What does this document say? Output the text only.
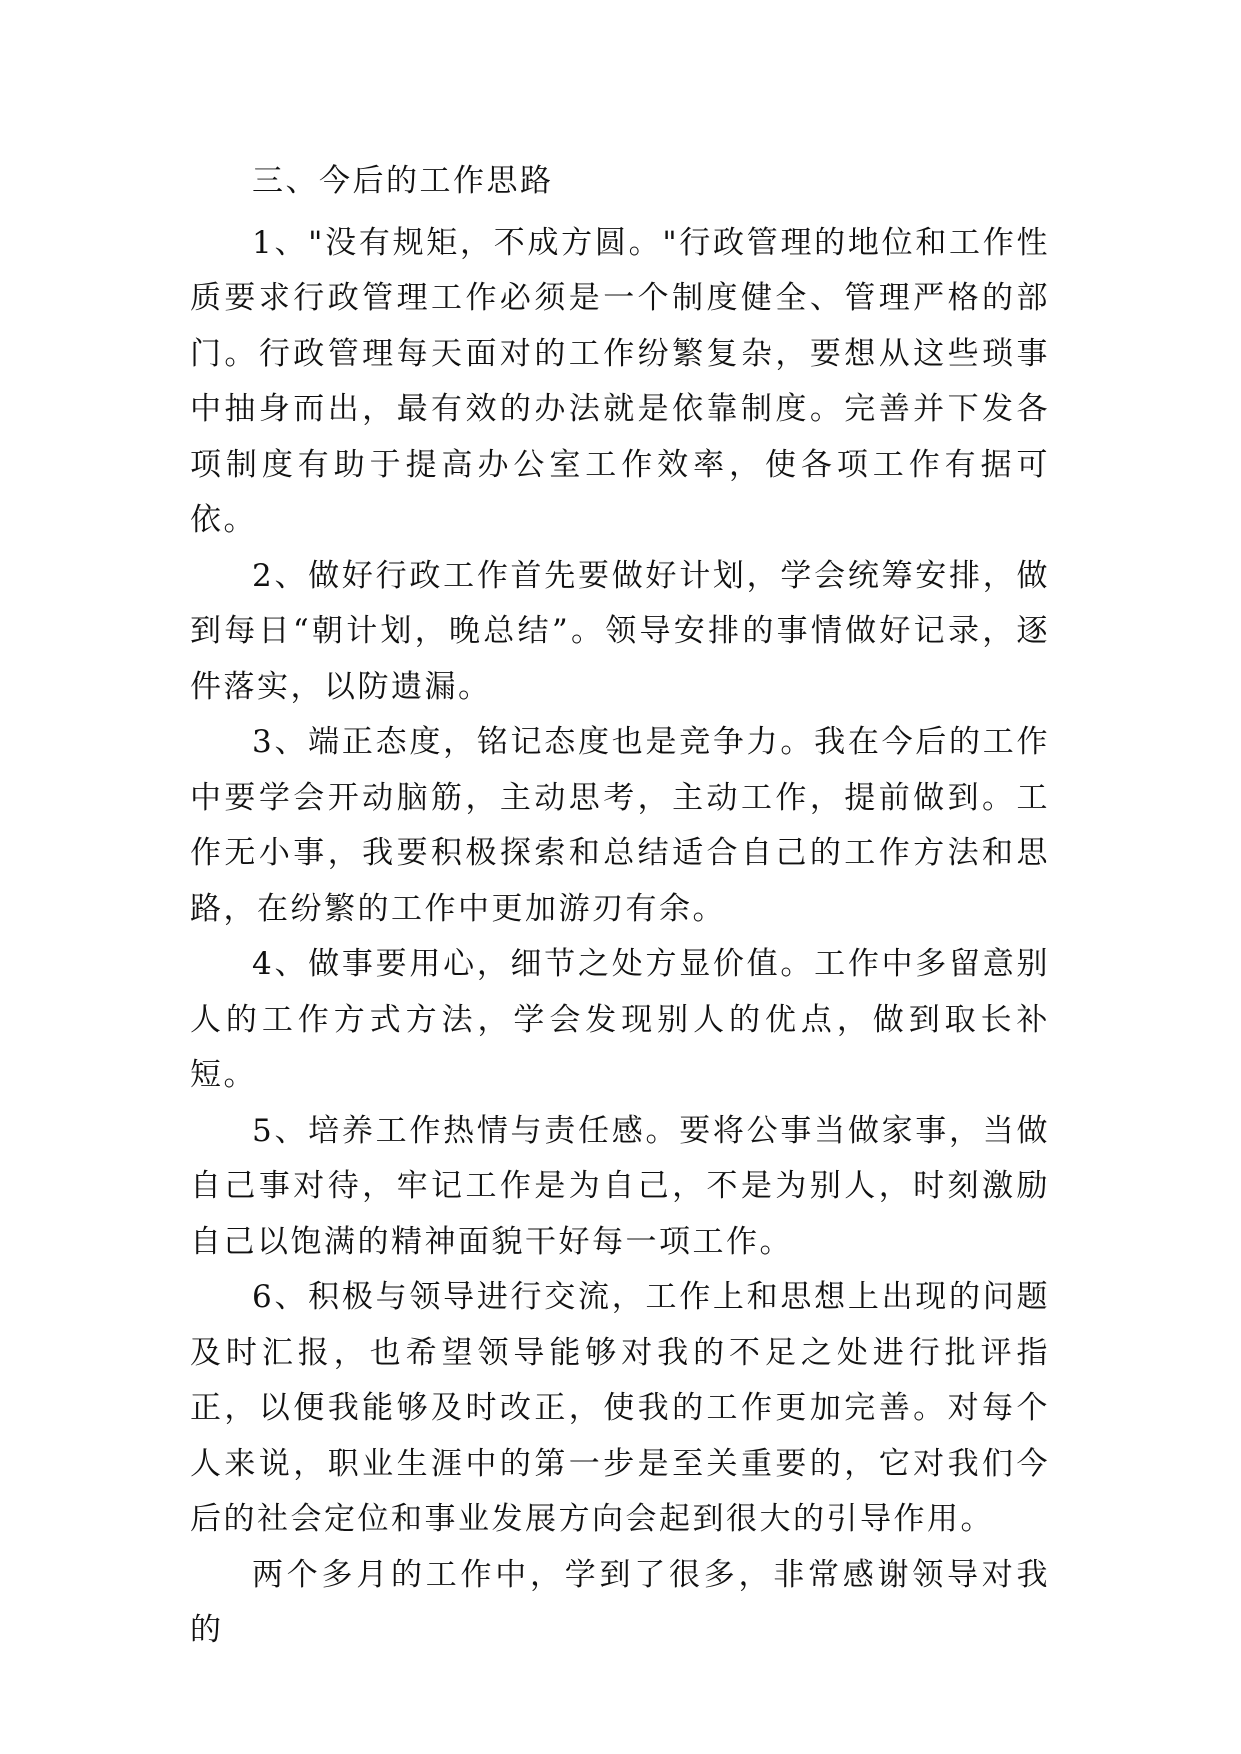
三、今后的工作思路

1、"没有规矩，不成方圆。"行政管理的地位和工作性质要求行政管理工作必须是一个制度健全、管理严格的部门。行政管理每天面对的工作纷繁复杂，要想从这些琐事中抽身而出，最有效的办法就是依靠制度。完善并下发各项制度有助于提高办公室工作效率，使各项工作有据可依。

2、做好行政工作首先要做好计划，学会统筹安排，做到每日“朝计划，晚总结”。领导安排的事情做好记录，逐件落实，以防遗漏。

3、端正态度，铭记态度也是竞争力。我在今后的工作中要学会开动脑筋，主动思考，主动工作，提前做到。工作无小事，我要积极探索和总结适合自己的工作方法和思路，在纷繁的工作中更加游刃有余。

4、做事要用心，细节之处方显价值。工作中多留意别人的工作方式方法，学会发现别人的优点，做到取长补短。

5、培养工作热情与责任感。要将公事当做家事，当做自己事对待，牢记工作是为自己，不是为别人，时刻激励自己以饱满的精神面貌干好每一项工作。

6、积极与领导进行交流，工作上和思想上出现的问题及时汇报，也希望领导能够对我的不足之处进行批评指正，以便我能够及时改正，使我的工作更加完善。对每个人来说，职业生涯中的第一步是至关重要的，它对我们今后的社会定位和事业发展方向会起到很大的引导作用。

两个多月的工作中，学到了很多，非常感谢领导对我的
